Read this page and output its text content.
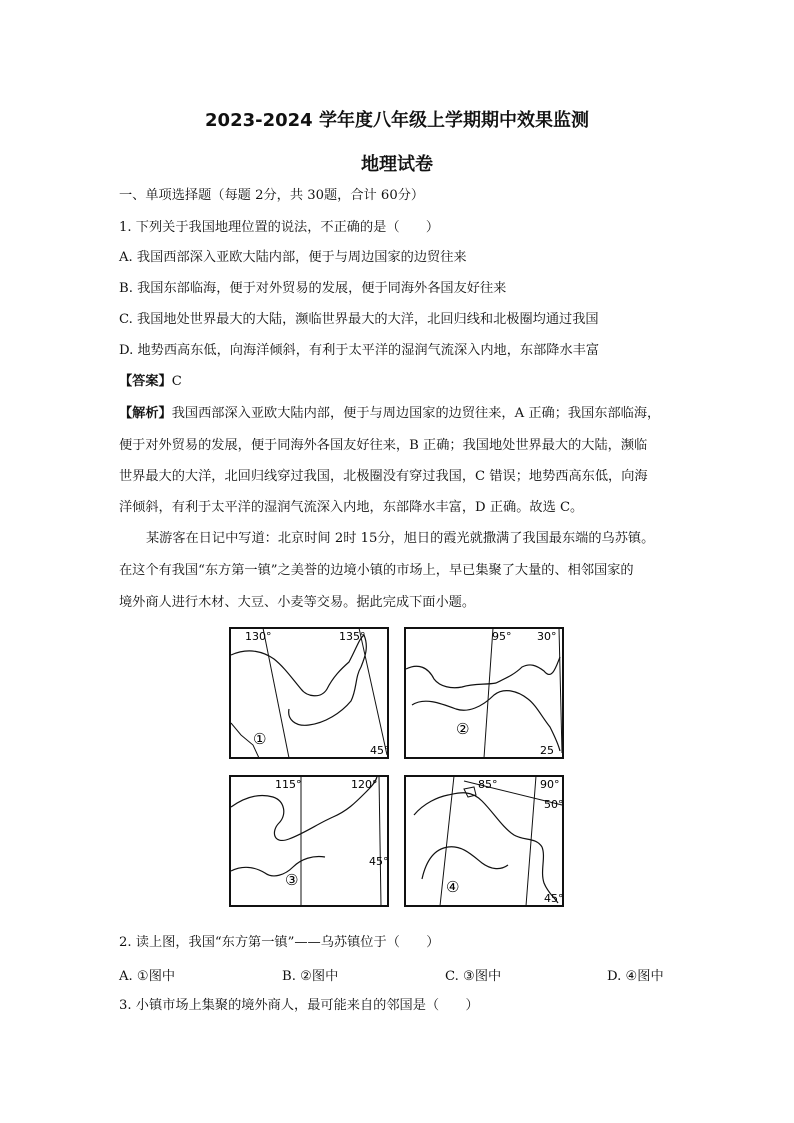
2023-2024 学年度八年级上学期期中效果监测
地理试卷
一、单项选择题（每题 2分，共 30题，合计 60分）
1. 下列关于我国地理位置的说法，不正确的是（　　）
A. 我国西部深入亚欧大陆内部，便于与周边国家的边贸往来
B. 我国东部临海，便于对外贸易的发展，便于同海外各国友好往来
C. 我国地处世界最大的大陆，濒临世界最大的大洋，北回归线和北极圈均通过我国
D. 地势西高东低，向海洋倾斜，有利于太平洋的湿润气流深入内地，东部降水丰富
【答案】C
【解析】我国西部深入亚欧大陆内部，便于与周边国家的边贸往来，A 正确；我国东部临海，
便于对外贸易的发展，便于同海外各国友好往来，B 正确；我国地处世界最大的大陆，濒临
世界最大的大洋，北回归线穿过我国，北极圈没有穿过我国，C 错误；地势西高东低，向海
洋倾斜，有利于太平洋的湿润气流深入内地，东部降水丰富，D 正确。故选 C。
某游客在日记中写道：北京时间 2时 15分，旭日的霞光就撒满了我国最东端的乌苏镇。
在这个有我国“东方第一镇”之美誉的边境小镇的市场上，早已集聚了大量的、相邻国家的
境外商人进行木材、大豆、小麦等交易。据此完成下面小题。
130°	135°
45°
①
95° 30°
25
②
115°	120°
45°
③
85°	90°
50°
45°
④
2. 读上图，我国“东方第一镇”——乌苏镇位于（　　）
A. ①图中	B. ②图中	C. ③图中	D. ④图中
3. 小镇市场上集聚的境外商人，最可能来自的邻国是（　　）
